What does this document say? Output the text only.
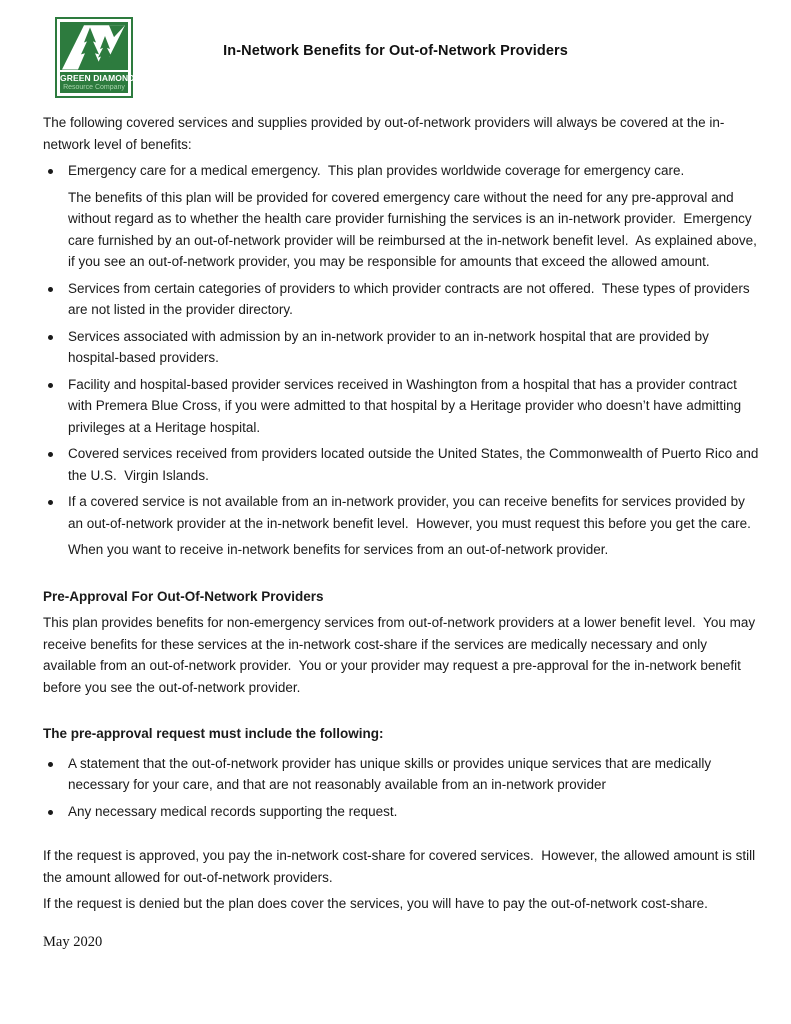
GREEN DIAMOND
Resource Company
In-Network Benefits for Out-of-Network Providers
The following covered services and supplies provided by out-of-network providers will always be covered at the in-network level of benefits:
Emergency care for a medical emergency.  This plan provides worldwide coverage for emergency care.
The benefits of this plan will be provided for covered emergency care without the need for any pre-approval and without regard as to whether the health care provider furnishing the services is an in-network provider.  Emergency care furnished by an out-of-network provider will be reimbursed at the in-network benefit level.  As explained above, if you see an out-of-network provider, you may be responsible for amounts that exceed the allowed amount.
Services from certain categories of providers to which provider contracts are not offered.  These types of providers are not listed in the provider directory.
Services associated with admission by an in-network provider to an in-network hospital that are provided by hospital-based providers.
Facility and hospital-based provider services received in Washington from a hospital that has a provider contract with Premera Blue Cross, if you were admitted to that hospital by a Heritage provider who doesn’t have admitting privileges at a Heritage hospital.
Covered services received from providers located outside the United States, the Commonwealth of Puerto Rico and the U.S.  Virgin Islands.
If a covered service is not available from an in-network provider, you can receive benefits for services provided by an out-of-network provider at the in-network benefit level.  However, you must request this before you get the care.
When you want to receive in-network benefits for services from an out-of-network provider.
Pre-Approval For Out-Of-Network Providers
This plan provides benefits for non-emergency services from out-of-network providers at a lower benefit level.  You may receive benefits for these services at the in-network cost-share if the services are medically necessary and only available from an out-of-network provider.  You or your provider may request a pre-approval for the in-network benefit before you see the out-of-network provider.
The pre-approval request must include the following:
A statement that the out-of-network provider has unique skills or provides unique services that are medically necessary for your care, and that are not reasonably available from an in-network provider
Any necessary medical records supporting the request.
If the request is approved, you pay the in-network cost-share for covered services.  However, the allowed amount is still the amount allowed for out-of-network providers.
If the request is denied but the plan does cover the services, you will have to pay the out-of-network cost-share.
May 2020
